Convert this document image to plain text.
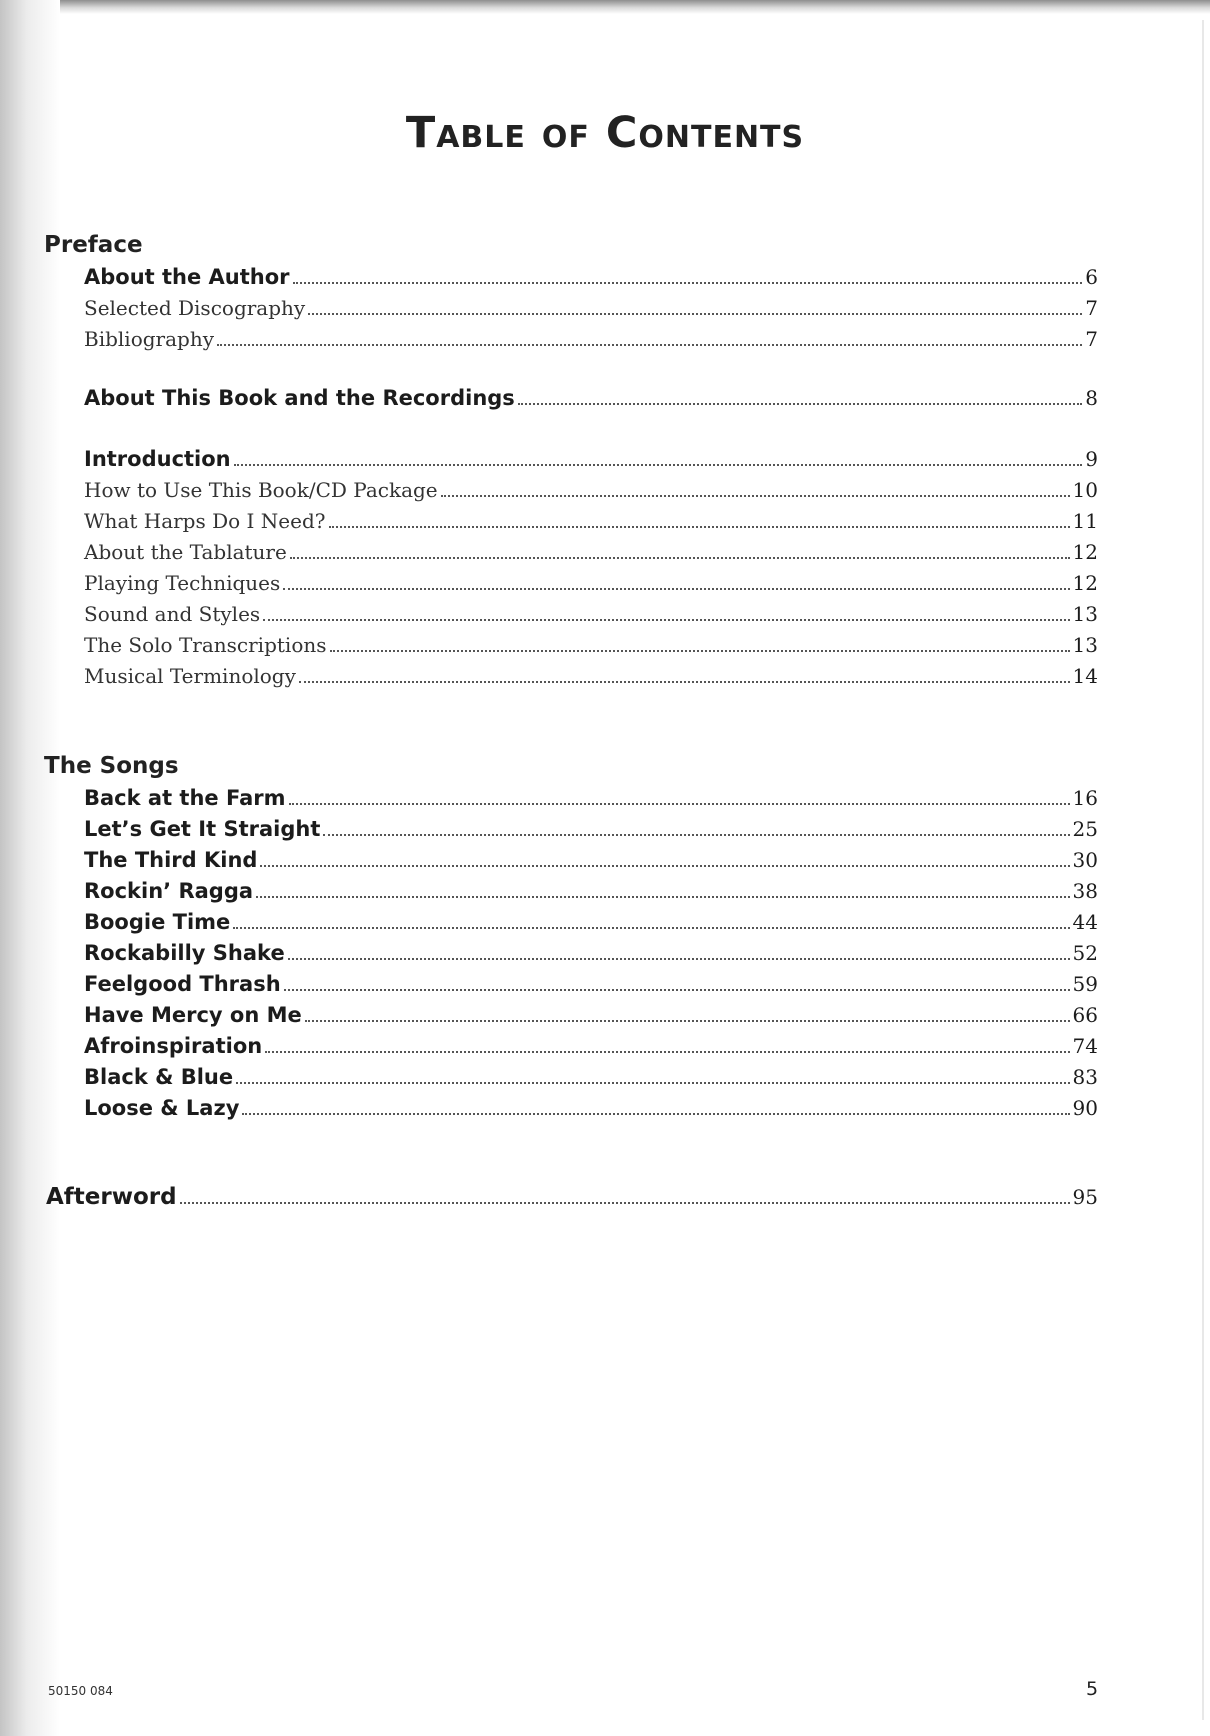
Table of Contents
Preface
About the Author	6
Selected Discography	7
Bibliography	7
About This Book and the Recordings	8
Introduction	9
How to Use This Book/CD Package	10
What Harps Do I Need?	11
About the Tablature	12
Playing Techniques	12
Sound and Styles	13
The Solo Transcriptions	13
Musical Terminology	14
The Songs
Back at the Farm	16
Let’s Get It Straight	25
The Third Kind	30
Rockin’ Ragga	38
Boogie Time	44
Rockabilly Shake	52
Feelgood Thrash	59
Have Mercy on Me	66
Afroinspiration	74
Black & Blue	83
Loose & Lazy	90
Afterword	95
50150 084	5
